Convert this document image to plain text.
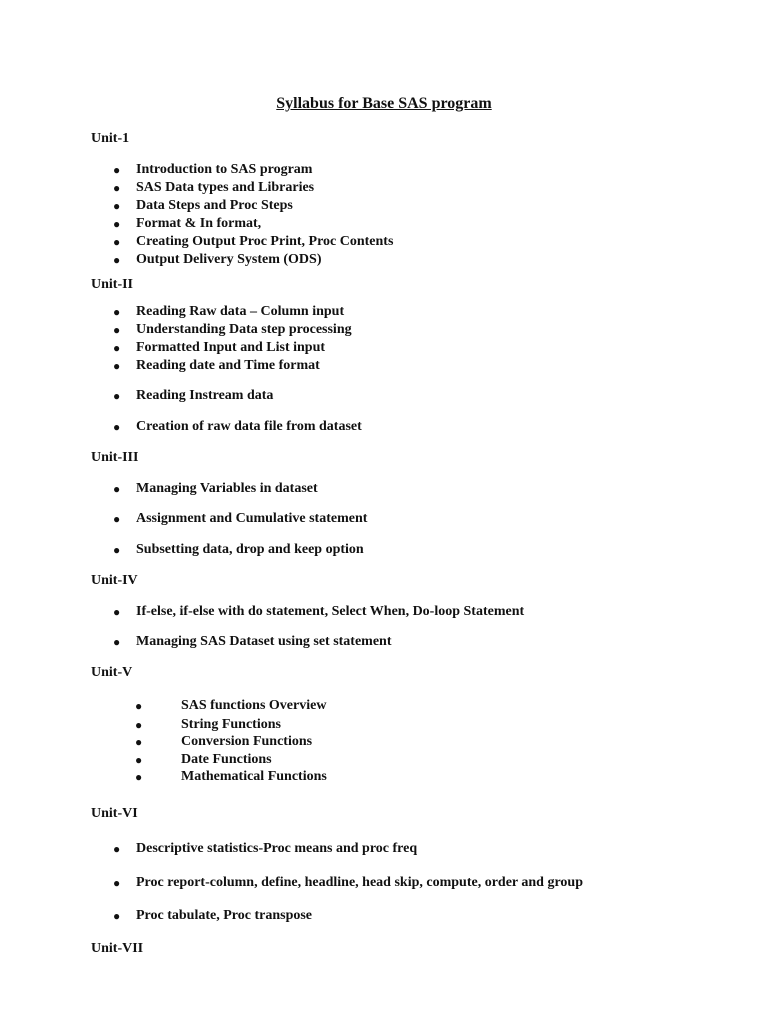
Syllabus for Base SAS program
Unit-1
● Introduction to SAS program
● SAS Data types and Libraries
● Data Steps and Proc Steps
● Format & In format,
● Creating Output Proc Print, Proc Contents
● Output Delivery System (ODS)
Unit-II
● Reading Raw data – Column input
● Understanding Data step processing
● Formatted Input and List input
● Reading date and Time format
● Reading Instream data
● Creation of raw data file from dataset
Unit-III
● Managing Variables in dataset
● Assignment and Cumulative statement
● Subsetting data, drop and keep option
Unit-IV
● If-else, if-else with do statement, Select When, Do-loop Statement
● Managing SAS Dataset using set statement
Unit-V
●	SAS functions Overview
●	String Functions
●	Conversion Functions
●	Date Functions
●	Mathematical Functions
Unit-VI
● Descriptive statistics-Proc means and proc freq
● Proc report-column, define, headline, head skip, compute, order and group
● Proc tabulate, Proc transpose
Unit-VII
